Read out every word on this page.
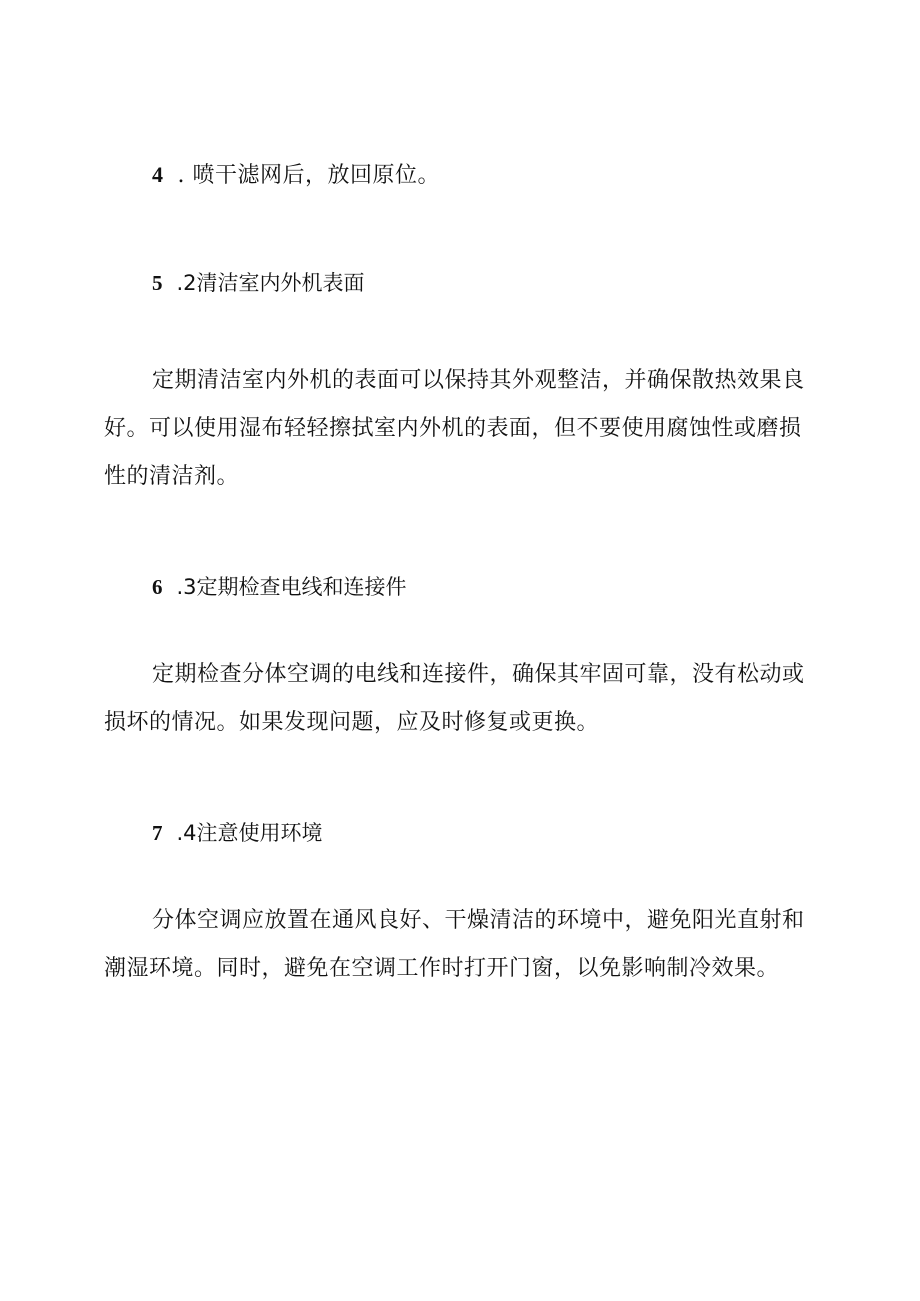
4 . 喷干滤网后，放回原位。
5 .2清洁室内外机表面
定期清洁室内外机的表面可以保持其外观整洁，并确保散热效果良
好。可以使用湿布轻轻擦拭室内外机的表面，但不要使用腐蚀性或磨损
性的清洁剂。
6 .3定期检查电线和连接件
定期检查分体空调的电线和连接件，确保其牢固可靠，没有松动或
损坏的情况。如果发现问题，应及时修复或更换。
7 .4注意使用环境
分体空调应放置在通风良好、干燥清洁的环境中，避免阳光直射和
潮湿环境。同时，避免在空调工作时打开门窗，以免影响制冷效果。
